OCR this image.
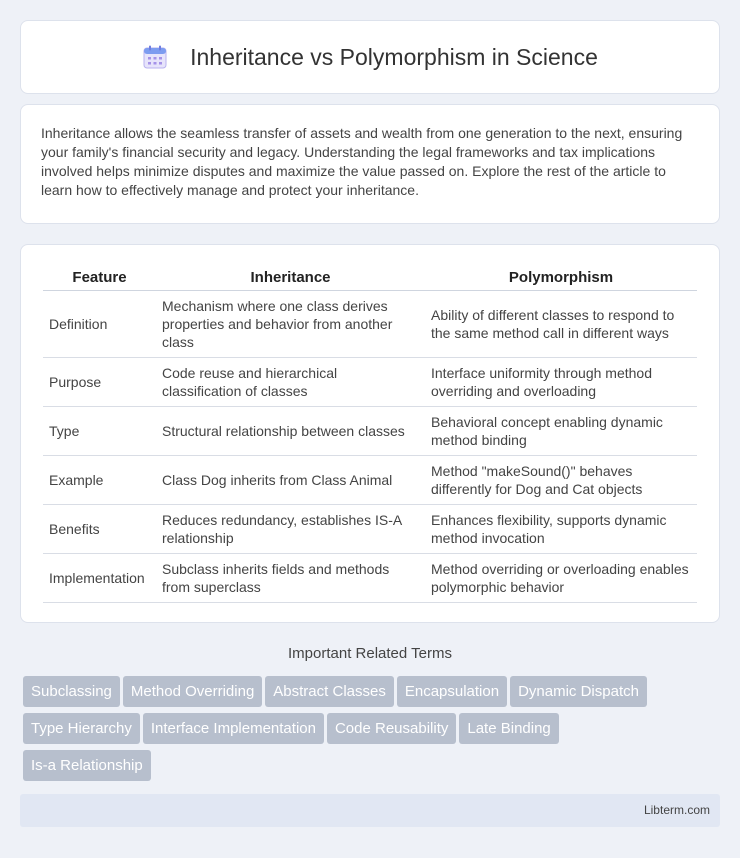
Inheritance vs Polymorphism in Science

Inheritance allows the seamless transfer of assets and wealth from one generation to the next, ensuring your family's financial security and legacy. Understanding the legal frameworks and tax implications involved helps minimize disputes and maximize the value passed on. Explore the rest of the article to learn how to effectively manage and protect your inheritance.

Feature	Inheritance	Polymorphism
Definition	Mechanism where one class derives properties and behavior from another class	Ability of different classes to respond to the same method call in different ways
Purpose	Code reuse and hierarchical classification of classes	Interface uniformity through method overriding and overloading
Type	Structural relationship between classes	Behavioral concept enabling dynamic method binding
Example	Class Dog inherits from Class Animal	Method "makeSound()" behaves differently for Dog and Cat objects
Benefits	Reduces redundancy, establishes IS-A relationship	Enhances flexibility, supports dynamic method invocation
Implementation	Subclass inherits fields and methods from superclass	Method overriding or overloading enables polymorphic behavior
Important Related Terms
Subclassing Method Overriding Abstract Classes Encapsulation Dynamic Dispatch
Type Hierarchy Interface Implementation Code Reusability Late Binding
Is-a Relationship
Libterm.com
